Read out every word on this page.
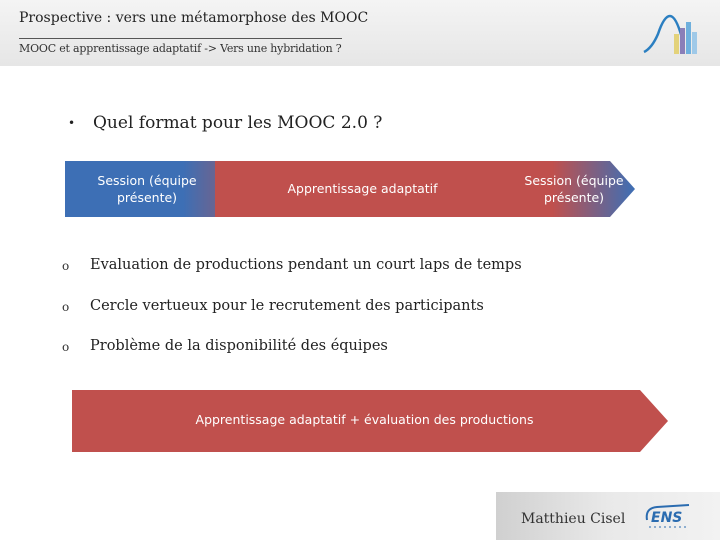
Prospective : vers une métamorphose des MOOC
MOOC et apprentissage adaptatif -> Vers une hybridation ?
• Quel format pour les MOOC 2.0 ?
Session (équipe présente)
Apprentissage adaptatif
Session (équipe présente)
o Evaluation de productions pendant un court laps de temps
o Cercle vertueux pour le recrutement des participants
o Problème de la disponibilité des équipes
Apprentissage adaptatif + évaluation des productions
Matthieu Cisel ENS
